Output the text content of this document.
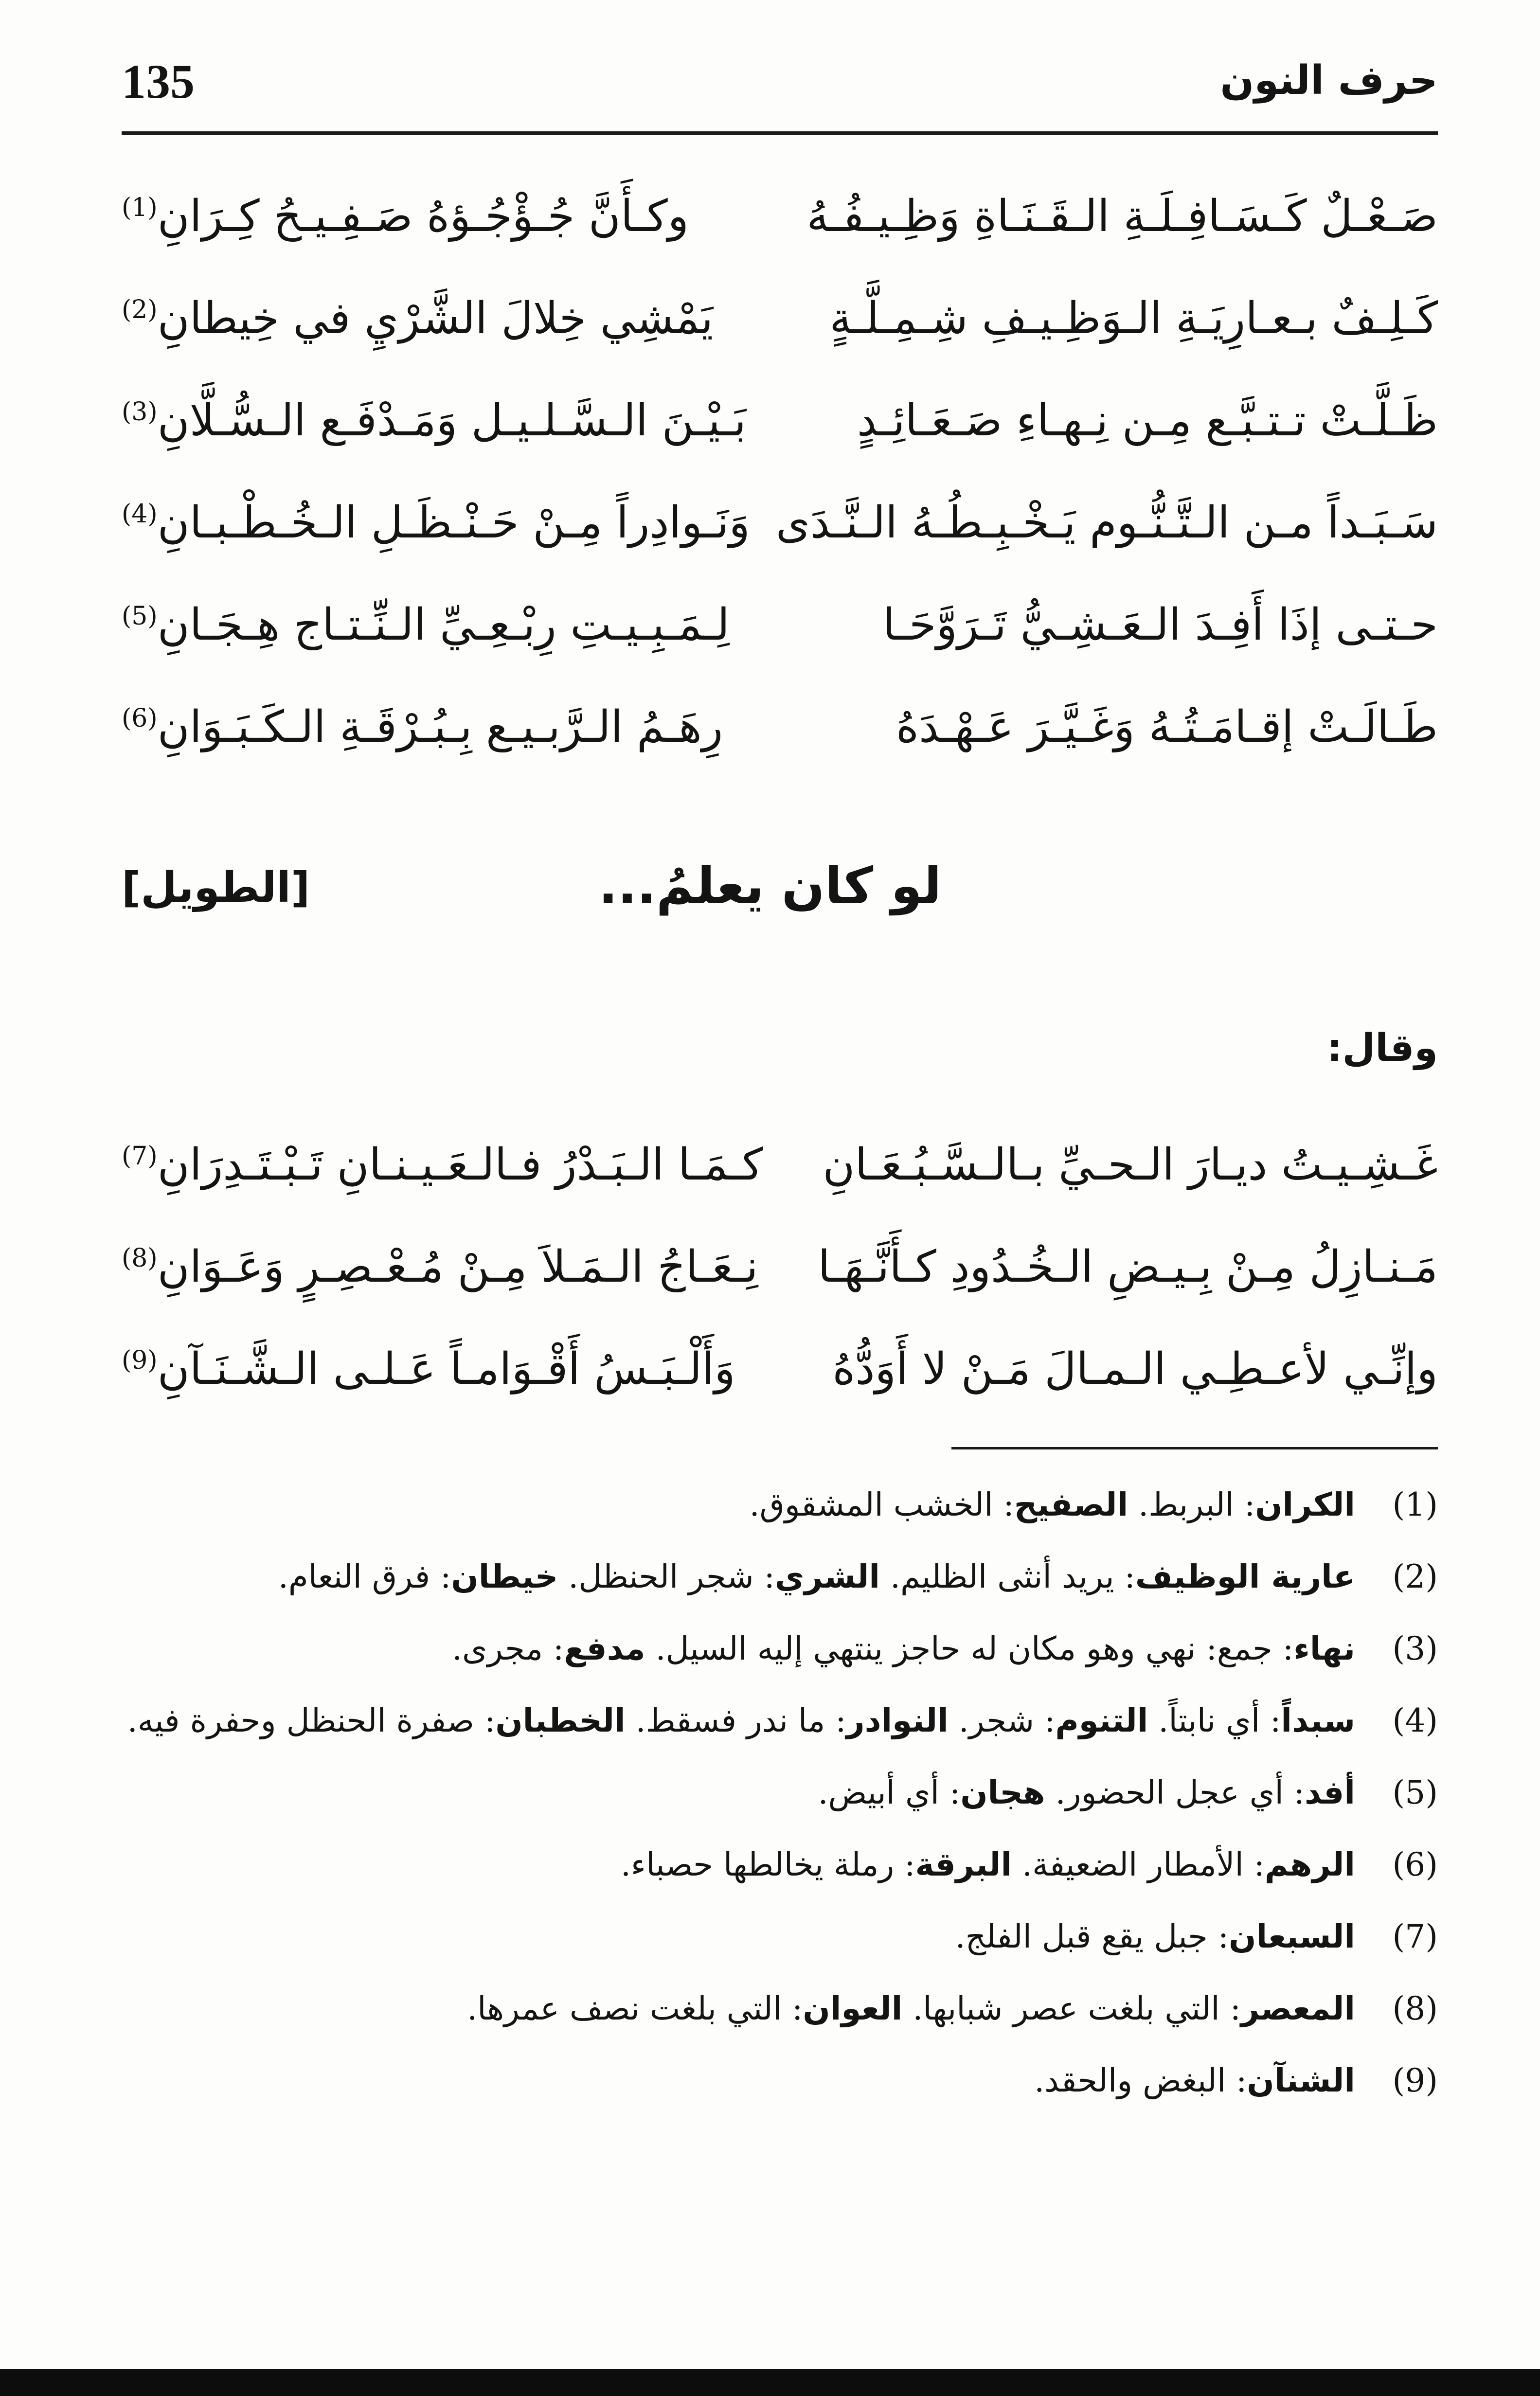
135	حرف النون
صَـعْـلٌ كَـسَـافِـلَـةِ الـقَـنَـاةِ وَظِـيـفُـهُ
وكـأَنَّ جُـؤْجُـؤهُ صَـفِـيـحُ كِـرَانِ$^{(1)}$
كَـلِـفٌ بـعـارِيَـةِ الـوَظِـيـفِ شِـمِـلَّـةٍ
يَمْشِي خِلالَ الشَّرْيِ في خِيطانِ$^{(2)}$
ظَـلَّـتْ تـتـبَّـع مِـن نِـهـاءِ صَـعَـائِـدٍ
بَـيْـنَ الـسَّـلـيـل وَمَـدْفَـع الـسُّـلَّانِ$^{(3)}$
سَـبَـداً مـن الـتَّـنُّـوم يَـخْـبِـطُـهُ الـنَّـدَى
وَنَـوادِراً مِـنْ حَـنْـظَـلِ الـخُـطْـبـانِ$^{(4)}$
حـتـى إذَا أَفِـدَ الـعَـشِـيُّ تَـرَوَّحَـا
لِـمَـبِـيـتِ رِبْـعِـيِّ الـنِّـتـاج هِـجَـانِ$^{(5)}$
طَـالَـتْ إقـامَـتُـهُ وَغَـيَّـرَ عَـهْـدَهُ
رِهَـمُ الـرَّبـيـع بِـبُـرْقَـةِ الـكَـبَـوَانِ$^{(6)}$
لو كان يعلمُ...
[الطويل]
وقال:
غَـشِـيـتُ ديـارَ الـحـيِّ بـالـسَّـبُـعَـانِ
كـمَـا الـبَـدْرُ فـالـعَـيـنـانِ تَـبْـتَـدِرَانِ$^{(7)}$
مَـنـازِلُ مِـنْ بِـيـضِ الـخُـدُودِ كـأَنَّـهَـا
نِـعَـاجُ الـمَـلاَ مِـنْ مُـعْـصِـرٍ وَعَـوَانِ$^{(8)}$
وإنِّـي لأعـطِـي الـمـالَ مَـنْ لا أَوَدُّهُ
وَأَلْـبَـسُ أَقْـوَامـاً عَـلـى الـشَّـنَـآنِ$^{(9)}$
(1)
الكران: البربط. الصفيح: الخشب المشقوق.
(2)
عارية الوظيف: يريد أنثى الظليم. الشري: شجر الحنظل. خيطان: فرق النعام.
(3)
نهاء: جمع: نهي وهو مكان له حاجز ينتهي إليه السيل. مدفع: مجرى.
(4)
سبداً: أي نابتاً. التنوم: شجر. النوادر: ما ندر فسقط. الخطبان: صفرة الحنظل وحفرة فيه.
(5)
أفد: أي عجل الحضور. هجان: أي أبيض.
(6)
الرهم: الأمطار الضعيفة. البرقة: رملة يخالطها حصباء.
(7)
السبعان: جبل يقع قبل الفلج.
(8)
المعصر: التي بلغت عصر شبابها. العوان: التي بلغت نصف عمرها.
(9)
الشنآن: البغض والحقد.
